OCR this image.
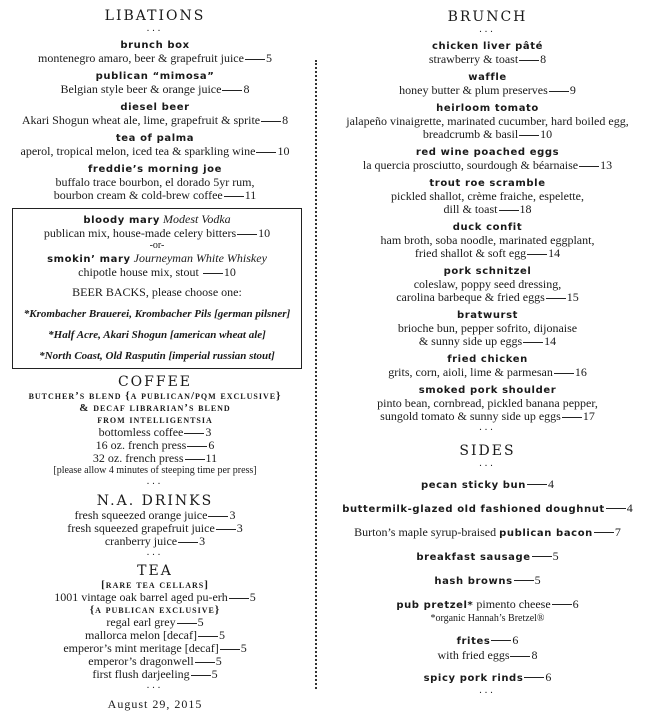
LIBATIONS
...
brunch box
montenegro amaro, beer & grapefruit juice 5
publican “mimosa”
Belgian style beer & orange juice 8
diesel beer
Akari Shogun wheat ale, lime, grapefruit & sprite 8
tea of palma
aperol, tropical melon, iced tea & sparkling wine 10
freddie’s morning joe
buffalo trace bourbon, el dorado 5yr rum,
bourbon cream & cold-brew coffee 11
bloody mary Modest Vodka
publican mix, house-made celery bitters 10
-or-
smokin’ mary Journeyman White Whiskey
chipotle house mix, stout 10
BEER BACKS, please choose one:
*Krombacher Brauerei, Krombacher Pils [german pilsner]
*Half Acre, Akari Shogun [american wheat ale]
*North Coast, Old Rasputin [imperial russian stout]
COFFEE
butcher’s blend {a publican/pqm exclusive}
& decaf librarian’s blend
from intelligentsia
bottomless coffee 3
16 oz. french press 6
32 oz. french press 11
[please allow 4 minutes of steeping time per press]
...
N.A. DRINKS
fresh squeezed orange juice 3
fresh squeezed grapefruit juice 3
cranberry juice 3
...
TEA
[rare tea cellars]
1001 vintage oak barrel aged pu-erh 5
{a publican exclusive}
regal earl grey 5
mallorca melon [decaf] 5
emperor’s mint meritage [decaf] 5
emperor’s dragonwell 5
first flush darjeeling 5
...
August 29, 2015
BRUNCH
...
chicken liver pâté
strawberry & toast 8
waffle
honey butter & plum preserves 9
heirloom tomato
jalapeño vinaigrette, marinated cucumber, hard boiled egg,
breadcrumb & basil 10
red wine poached eggs
la quercia prosciutto, sourdough & béarnaise 13
trout roe scramble
pickled shallot, crème fraiche, espelette,
dill & toast 18
duck confit
ham broth, soba noodle, marinated eggplant,
fried shallot & soft egg 14
pork schnitzel
coleslaw, poppy seed dressing,
carolina barbeque & fried eggs 15
bratwurst
brioche bun, pepper sofrito, dijonaise
& sunny side up eggs 14
fried chicken
grits, corn, aioli, lime & parmesan 16
smoked pork shoulder
pinto bean, cornbread, pickled banana pepper,
sungold tomato & sunny side up eggs 17
...
SIDES
...
pecan sticky bun 4
buttermilk-glazed old fashioned doughnut 4
Burton’s maple syrup-braised publican bacon 7
breakfast sausage 5
hash browns 5
pub pretzel* pimento cheese 6
*organic Hannah’s Bretzel®
frites 6
with fried eggs 8
spicy pork rinds 6
...
